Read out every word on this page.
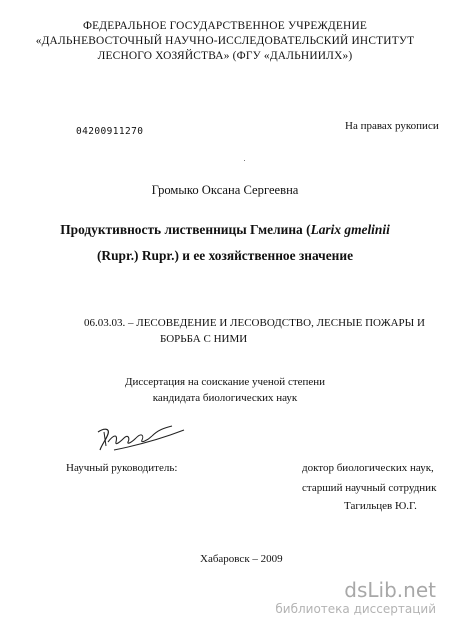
ФЕДЕРАЛЬНОЕ ГОСУДАРСТВЕННОЕ УЧРЕЖДЕНИЕ
«ДАЛЬНЕВОСТОЧНЫЙ НАУЧНО-ИССЛЕДОВАТЕЛЬСКИЙ ИНСТИТУТ
ЛЕСНОГО ХОЗЯЙСТВА» (ФГУ «ДАЛЬНИИЛХ»)
04200911270	На правах рукописи
Громыко Оксана Сергеевна
Продуктивность лиственницы Гмелина (Larix gmelinii
(Rupr.) Rupr.) и ее хозяйственное значение
06.03.03. – ЛЕСОВЕДЕНИЕ И ЛЕСОВОДСТВО, ЛЕСНЫЕ ПОЖАРЫ И
БОРЬБА С НИМИ
Диссертация на соискание ученой степени
кандидата биологических наук
Научный руководитель:	доктор биологических наук,
старший научный сотрудник
Тагильцев Ю.Г.
Хабаровск – 2009
dsLib.net
библиотека диссертаций
